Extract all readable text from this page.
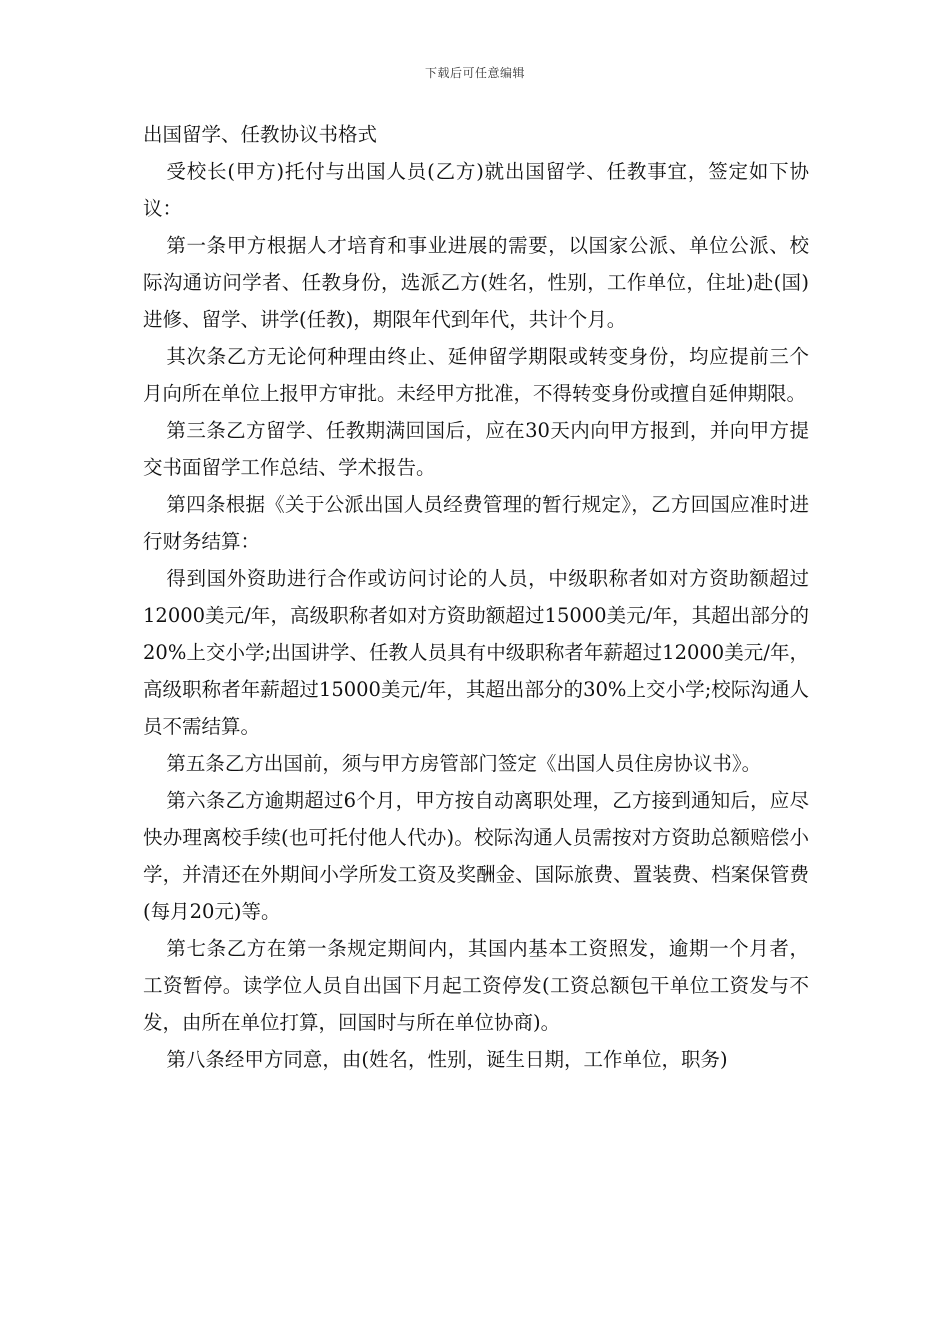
下载后可任意编辑

出国留学、任教协议书格式

受校长(甲方)托付与出国人员(乙方)就出国留学、任教事宜，签定如下协议：

第一条甲方根据人才培育和事业进展的需要，以国家公派、单位公派、校际沟通访问学者、任教身份，选派乙方(姓名，性别，工作单位，住址)赴(国)进修、留学、讲学(任教)，期限年代到年代，共计个月。

其次条乙方无论何种理由终止、延伸留学期限或转变身份，均应提前三个月向所在单位上报甲方审批。未经甲方批准，不得转变身份或擅自延伸期限。

第三条乙方留学、任教期满回国后，应在30天内向甲方报到，并向甲方提交书面留学工作总结、学术报告。

第四条根据《关于公派出国人员经费管理的暂行规定》，乙方回国应准时进行财务结算：

得到国外资助进行合作或访问讨论的人员，中级职称者如对方资助额超过12000美元/年，高级职称者如对方资助额超过15000美元/年，其超出部分的20%上交小学;出国讲学、任教人员具有中级职称者年薪超过12000美元/年，高级职称者年薪超过15000美元/年，其超出部分的30%上交小学;校际沟通人员不需结算。

第五条乙方出国前，须与甲方房管部门签定《出国人员住房协议书》。

第六条乙方逾期超过6个月，甲方按自动离职处理，乙方接到通知后，应尽快办理离校手续(也可托付他人代办)。校际沟通人员需按对方资助总额赔偿小学，并清还在外期间小学所发工资及奖酬金、国际旅费、置装费、档案保管费(每月20元)等。

第七条乙方在第一条规定期间内，其国内基本工资照发，逾期一个月者，工资暂停。读学位人员自出国下月起工资停发(工资总额包干单位工资发与不发，由所在单位打算，回国时与所在单位协商)。

第八条经甲方同意，由(姓名，性别，诞生日期，工作单位，职务)
